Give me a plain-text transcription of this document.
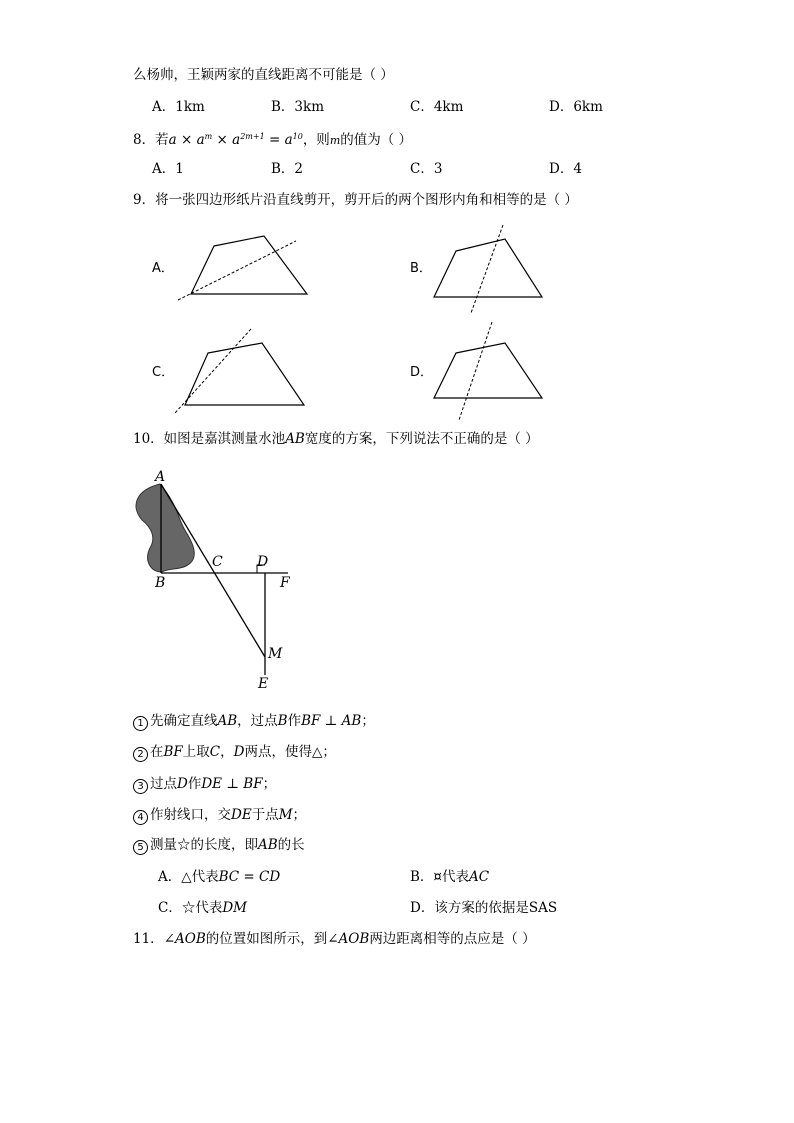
么杨帅，王颖两家的直线距离不可能是（ ）
A．1km	B．3km	C．4km	D．6km
8．若$a \times a^m \times a^{2m+1} = a^{10}$，则m的值为（ ）
A．1	B．2	C．3	D．4
9．将一张四边形纸片沿直线剪开，剪开后的两个图形内角和相等的是（ ）
A．	B．
C．	D．
10．如图是嘉淇测量水池AB宽度的方案，下列说法不正确的是（ ）
A
B
C D
F
M
E
1 先确定直线AB，过点B作BF ⊥ AB；
2 在BF上取C，D两点，使得△；
3 过点D作DE ⊥ BF；
4 作射线口，交DE于点M；
5 测量☆的长度，即AB的长
A．△代表BC = CD	B．¤代表AC
C．☆代表DM	D．该方案的依据是SAS
11．∠AOB的位置如图所示，到∠AOB两边距离相等的点应是（ ）
